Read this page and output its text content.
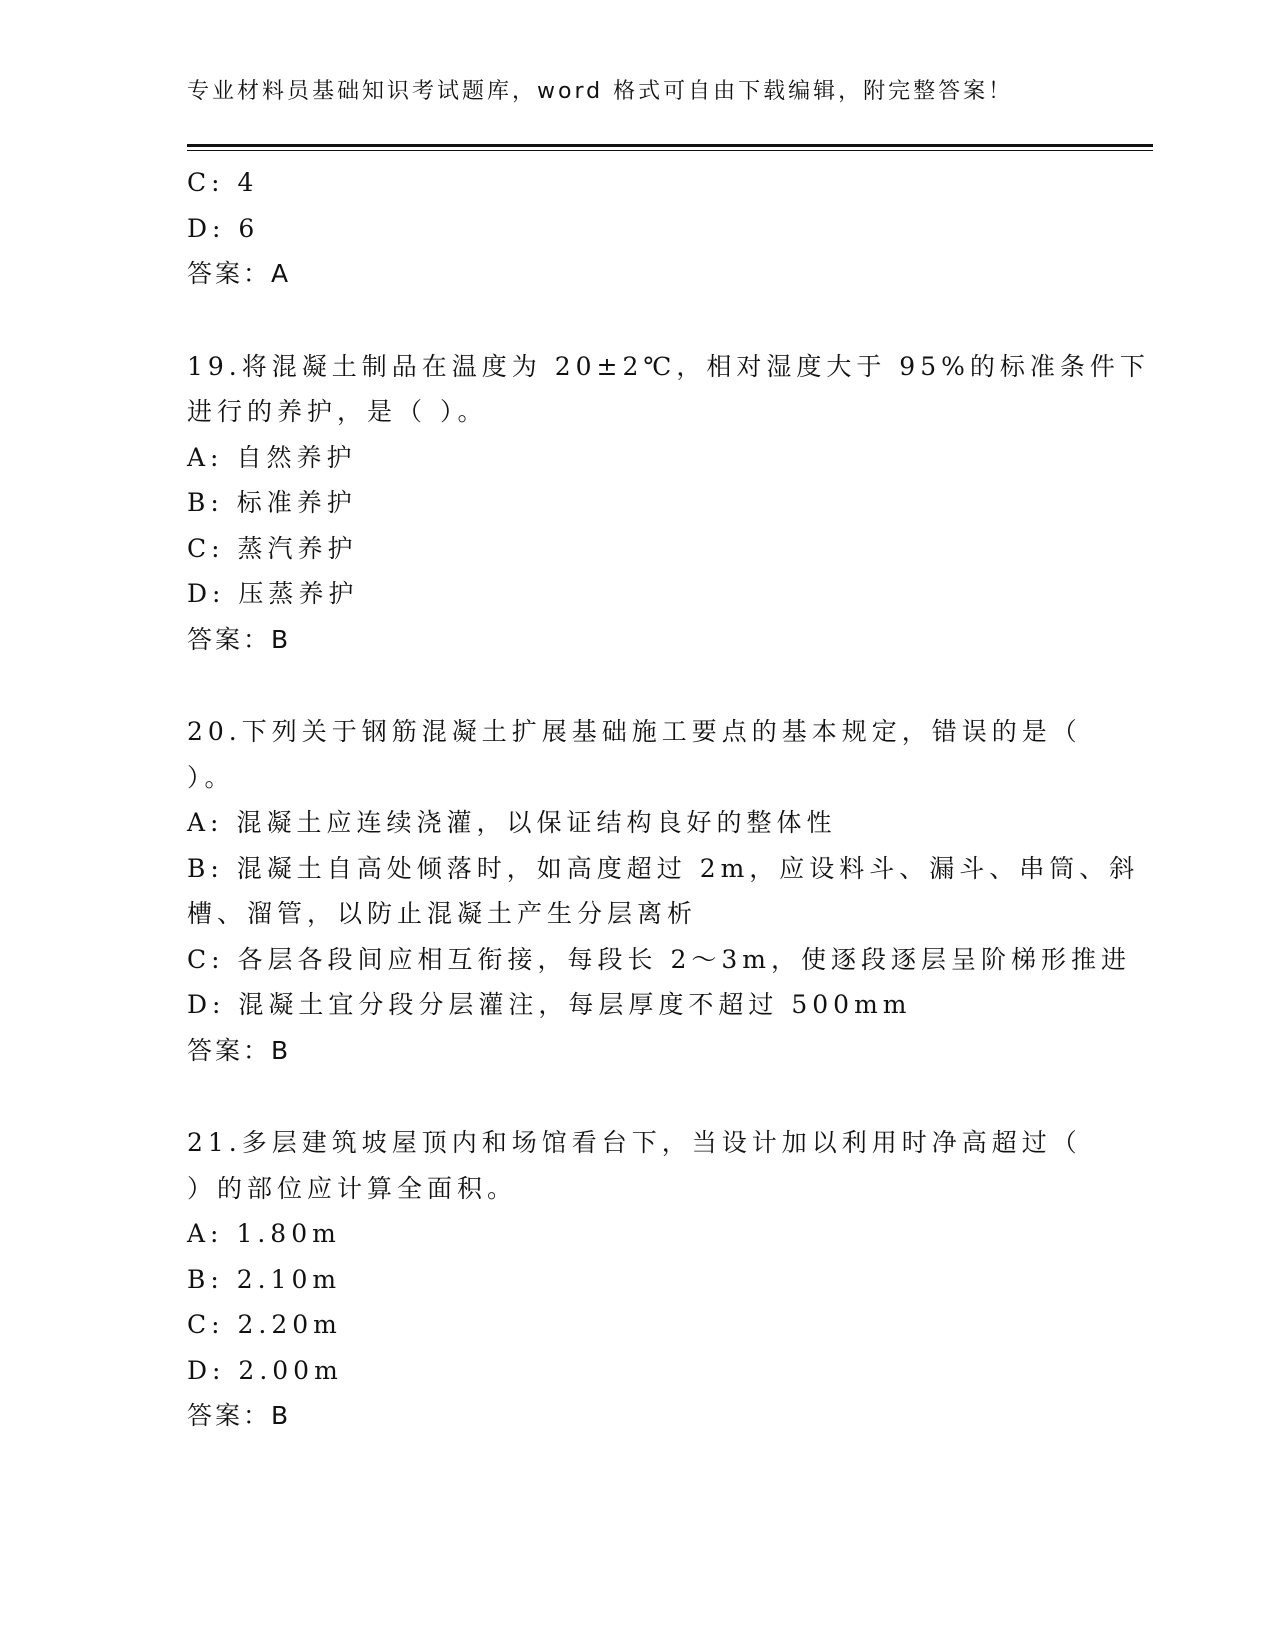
专业材料员基础知识考试题库，word 格式可自由下载编辑，附完整答案！
C: 4
D: 6
答案：A
19.将混凝土制品在温度为 20±2℃，相对湿度大于 95%的标准条件下
进行的养护，是（ ）。
A: 自然养护
B: 标准养护
C: 蒸汽养护
D: 压蒸养护
答案：B
20.下列关于钢筋混凝土扩展基础施工要点的基本规定，错误的是（
）。
A: 混凝土应连续浇灌，以保证结构良好的整体性
B: 混凝土自高处倾落时，如高度超过 2m，应设料斗、漏斗、串筒、斜
槽、溜管，以防止混凝土产生分层离析
C: 各层各段间应相互衔接，每段长 2～3m，使逐段逐层呈阶梯形推进
D: 混凝土宜分段分层灌注，每层厚度不超过 500mm
答案：B
21.多层建筑坡屋顶内和场馆看台下，当设计加以利用时净高超过（
）的部位应计算全面积。
A: 1.80m
B: 2.10m
C: 2.20m
D: 2.00m
答案：B
